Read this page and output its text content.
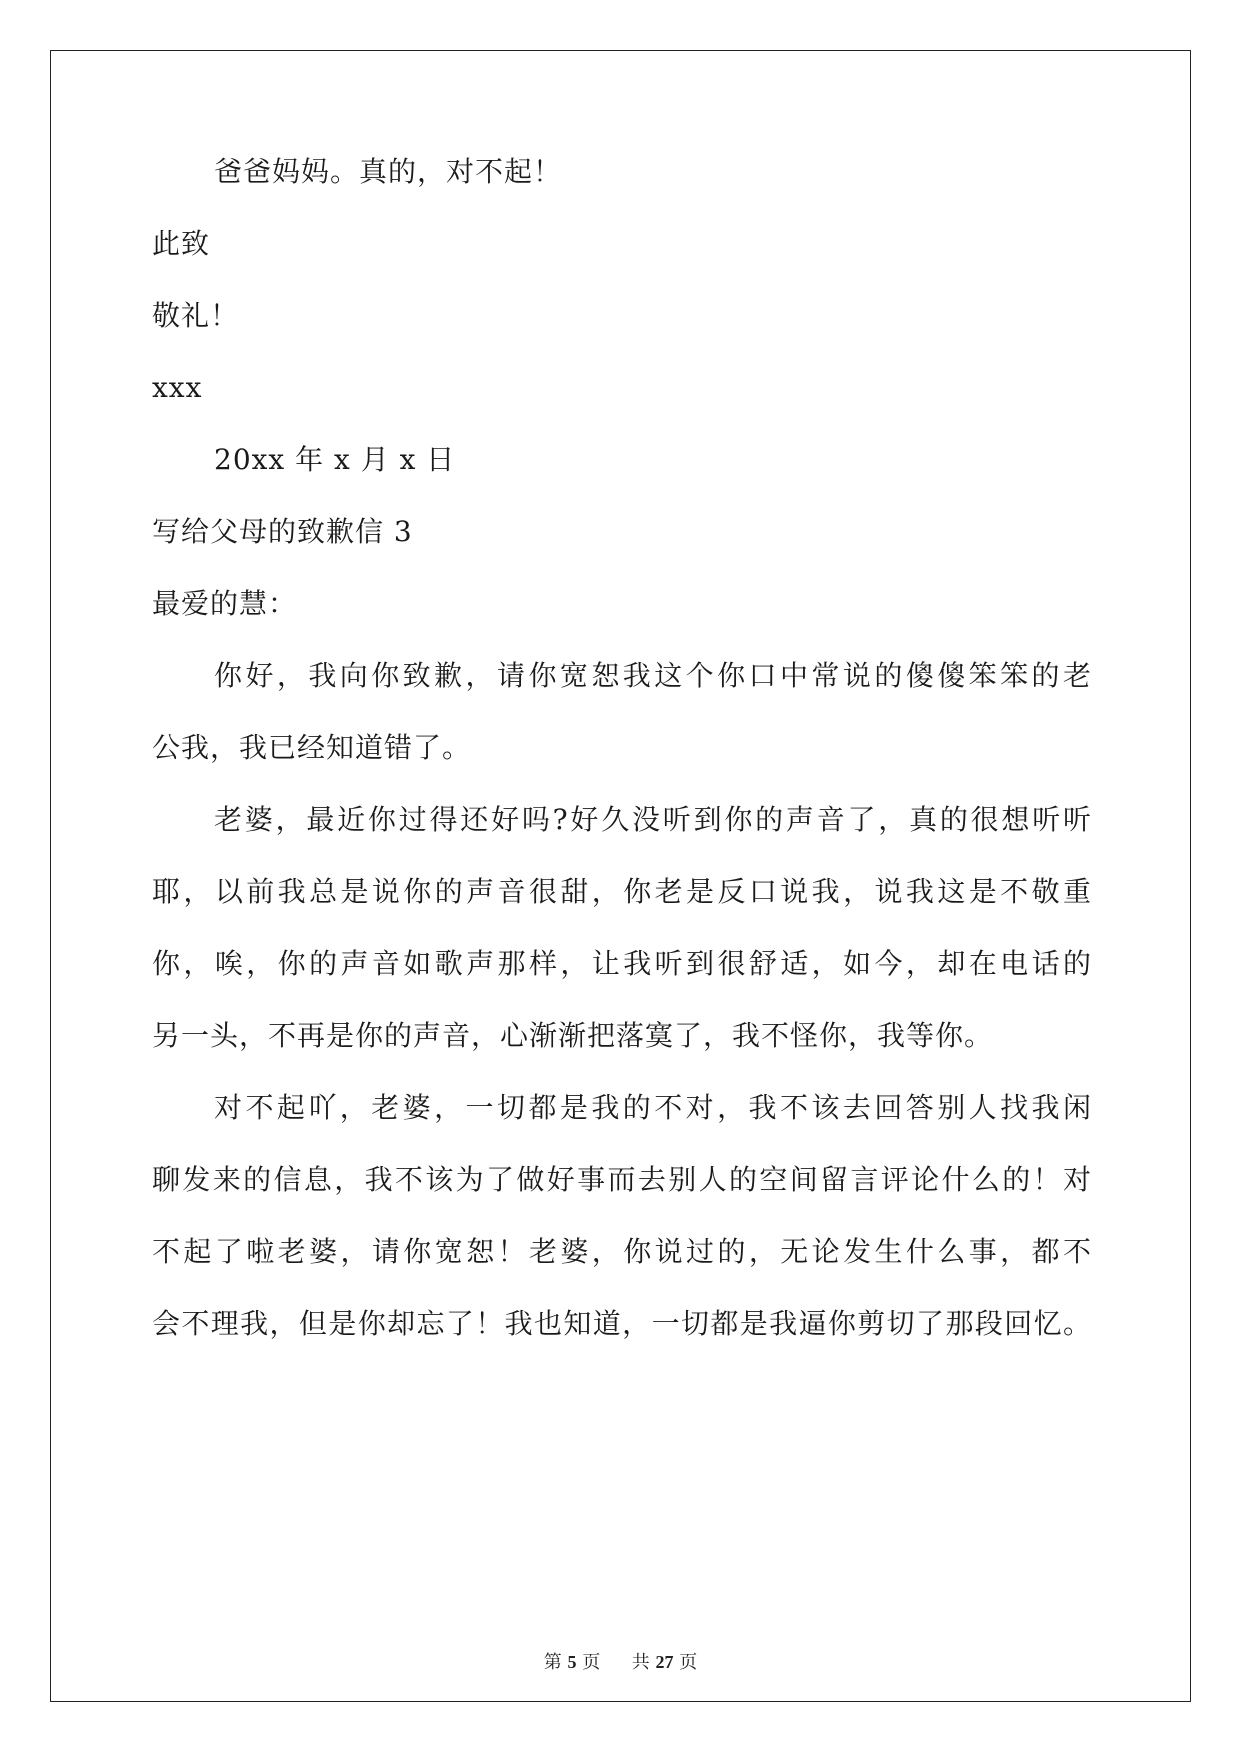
爸爸妈妈。真的，对不起！
此致
敬礼！
xxx
20xx 年 x 月 x 日
写给父母的致歉信 3
最爱的慧：
你好，我向你致歉，请你宽恕我这个你口中常说的傻傻笨笨的老
公我，我已经知道错了。
老婆，最近你过得还好吗?好久没听到你的声音了，真的很想听听
耶，以前我总是说你的声音很甜，你老是反口说我，说我这是不敬重
你，唉，你的声音如歌声那样，让我听到很舒适，如今，却在电话的
另一头，不再是你的声音，心渐渐把落寞了，我不怪你，我等你。
对不起吖，老婆，一切都是我的不对，我不该去回答别人找我闲
聊发来的信息，我不该为了做好事而去别人的空间留言评论什么的！对
不起了啦老婆，请你宽恕！老婆，你说过的，无论发生什么事，都不
会不理我，但是你却忘了！我也知道，一切都是我逼你剪切了那段回忆。
第 5 页 共 27 页
